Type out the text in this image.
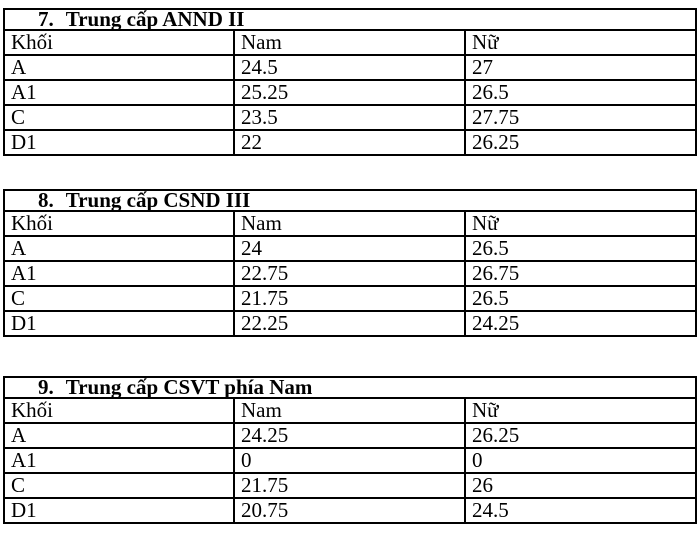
7. Trung cấp ANND II		
Khối	Nam	Nữ
A	24.5	27
A1	25.25	26.5
C	23.5	27.75
D1	22	26.25
8. Trung cấp CSND III		
Khối	Nam	Nữ
A	24	26.5
A1	22.75	26.75
C	21.75	26.5
D1	22.25	24.25
9. Trung cấp CSVT phía Nam		
Khối	Nam	Nữ
A	24.25	26.25
A1	0	0
C	21.75	26
D1	20.75	24.5
